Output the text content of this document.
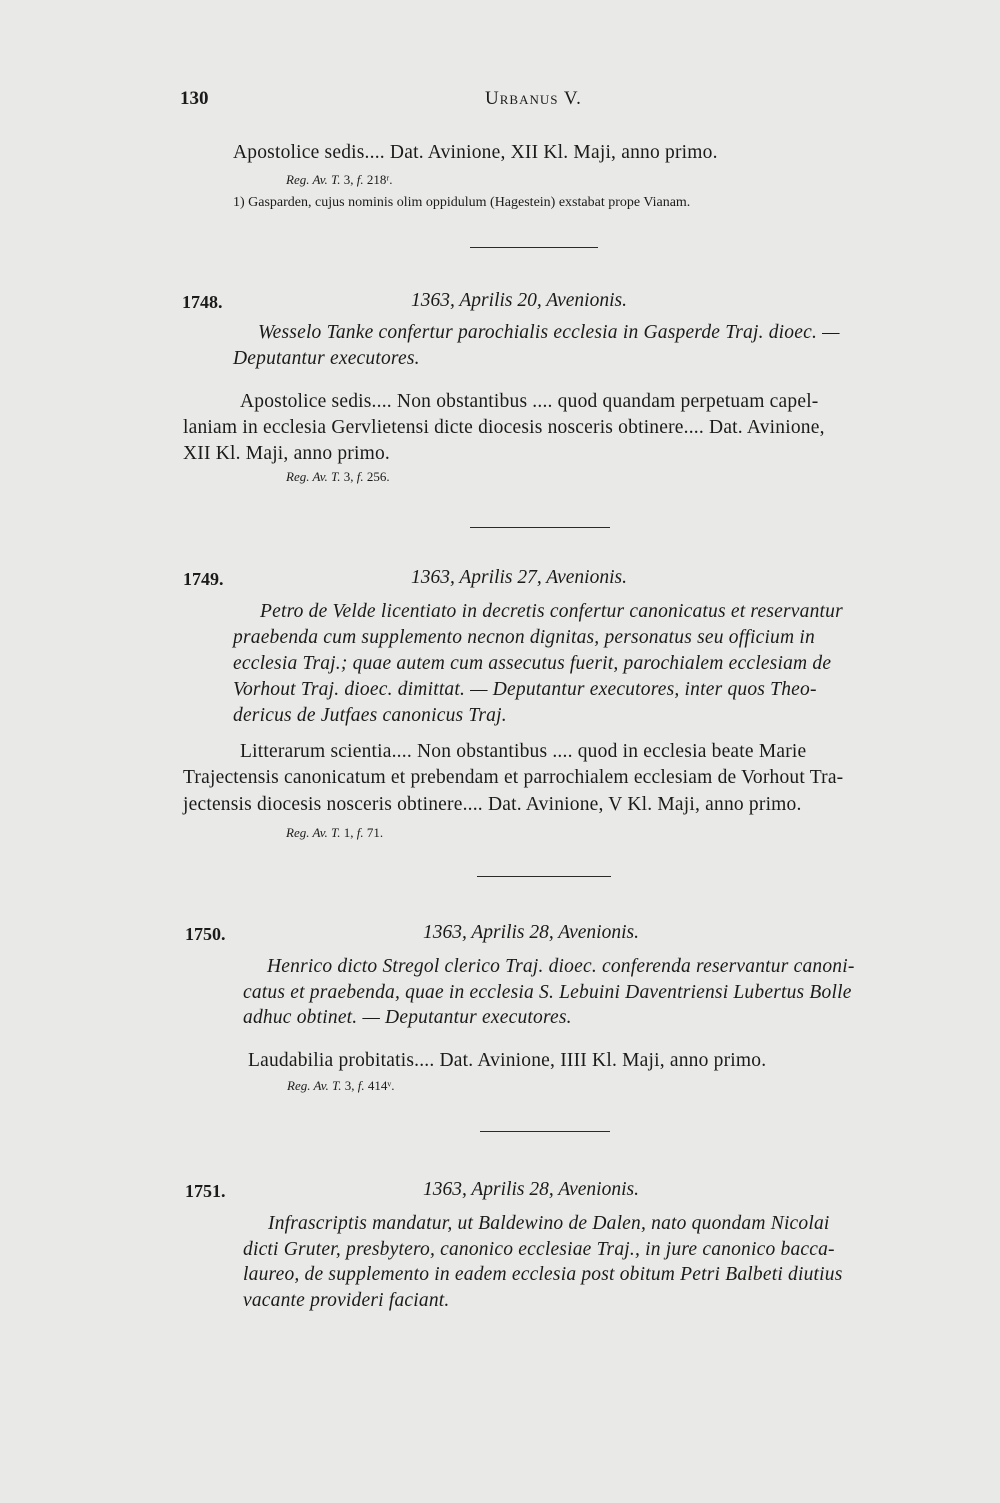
130	Urbanus V.
Apostolice sedis.... Dat. Avinione, XII Kl. Maji, anno primo.
Reg. Av. T. 3, f. 218ʳ.
1) Gasparden, cujus nominis olim oppidulum (Hagestein) exstabat prope Vianam.
1748.	1363, Aprilis 20, Avenionis.
Wesselo Tanke confertur parochialis ecclesia in Gasperde Traj. dioec. —
Deputantur executores.
Apostolice sedis.... Non obstantibus .... quod quandam perpetuam capel-
laniam in ecclesia Gervlietensi dicte diocesis nosceris obtinere.... Dat. Avinione,
XII Kl. Maji, anno primo.
Reg. Av. T. 3, f. 256.
1749.	1363, Aprilis 27, Avenionis.
Petro de Velde licentiato in decretis confertur canonicatus et reservantur
praebenda cum supplemento necnon dignitas, personatus seu officium in
ecclesia Traj.; quae autem cum assecutus fuerit, parochialem ecclesiam de
Vorhout Traj. dioec. dimittat. — Deputantur executores, inter quos Theo-
dericus de Jutfaes canonicus Traj.
Litterarum scientia.... Non obstantibus .... quod in ecclesia beate Marie
Trajectensis canonicatum et prebendam et parrochialem ecclesiam de Vorhout Tra-
jectensis diocesis nosceris obtinere.... Dat. Avinione, V Kl. Maji, anno primo.
Reg. Av. T. 1, f. 71.
1750.	1363, Aprilis 28, Avenionis.
Henrico dicto Stregol clerico Traj. dioec. conferenda reservantur canoni-
catus et praebenda, quae in ecclesia S. Lebuini Daventriensi Lubertus Bolle
adhuc obtinet. — Deputantur executores.
Laudabilia probitatis.... Dat. Avinione, IIII Kl. Maji, anno primo.
Reg. Av. T. 3, f. 414ᵛ.
1751.	1363, Aprilis 28, Avenionis.
Infrascriptis mandatur, ut Baldewino de Dalen, nato quondam Nicolai
dicti Gruter, presbytero, canonico ecclesiae Traj., in jure canonico bacca-
laureo, de supplemento in eadem ecclesia post obitum Petri Balbeti diutius
vacante provideri faciant.
